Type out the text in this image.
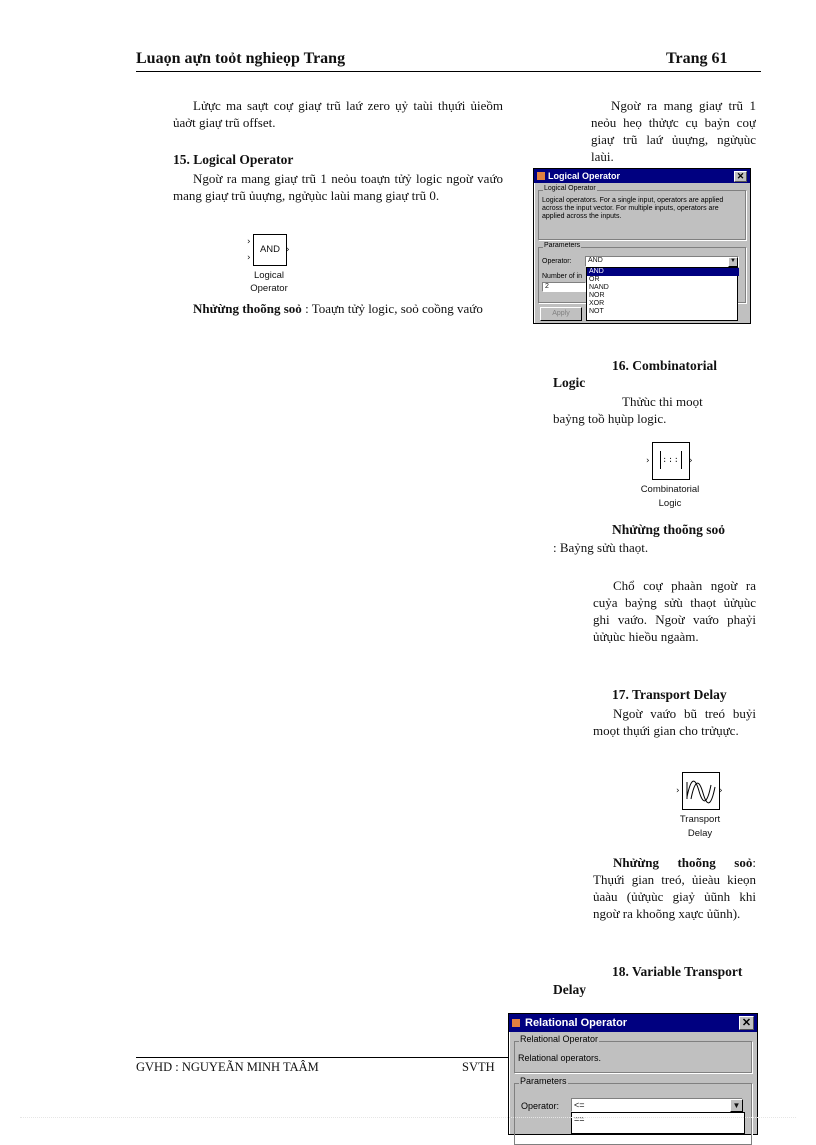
Luaọn aựn toỏt nghieọp Trang	Trang 61
Lửực ma saựt coự giaự trũ laứ zero ụỷ taùi thụứi ủieồm ủaởt giaự trũ offset.
15. Logical Operator
Ngoừ ra mang giaự trũ 1 neỏu toaựn tửỷ logic ngoừ vaứo mang giaự trũ ủuựng, ngửụùc laùi mang giaự trũ 0.
›
›
AND ›
Logical
Operator
Nhửừng thoõng soỏ : Toaựn tửỷ logic, soỏ coồng vaứo
Ngoừ ra mang giaự trũ 1 neỏu heọ thửực cụ baỷn coự giaự trũ laứ ủuựng, ngửụùc laùi.
Logical Operator	✕
Logical Operator
Logical operators. For a single input, operators are applied across the input vector. For multiple inputs, operators are applied across the inputs.
Parameters
Operator:	AND	▼
Number of in
2
AND
OR
NAND
NOR
XOR
NOT
Apply
16. Combinatorial
Logic
Thửùc thi moọt
baỷng toồ hụùp logic.
› ::: ›
Combinatorial
Logic
Nhửừng thoõng soỏ
: Baỷng sửù thaọt.
Chổ coự phaàn ngoừ ra cuỷa baỷng sửù thaọt ủửụùc ghi vaứo. Ngoừ vaứo phaỷi ủửụùc hieồu ngaàm.
17. Transport Delay
Ngoừ vaứo bũ treó buỷi moọt thụứi gian cho trửụực.
›	›
Transport
Delay
Nhửừng thoõng soỏ: Thụứi gian treó, ủieàu kieọn ủaàu (ủửụùc giaỷ ủũnh khi ngoừ ra khoõng xaực ủũnh).
18. Variable Transport
Delay
GVHD : NGUYEÃN MINH TAÂM	SVTH
Relational Operator	✕
Relational Operator
Relational operators.
Parameters
Operator:	<=	▼
==
